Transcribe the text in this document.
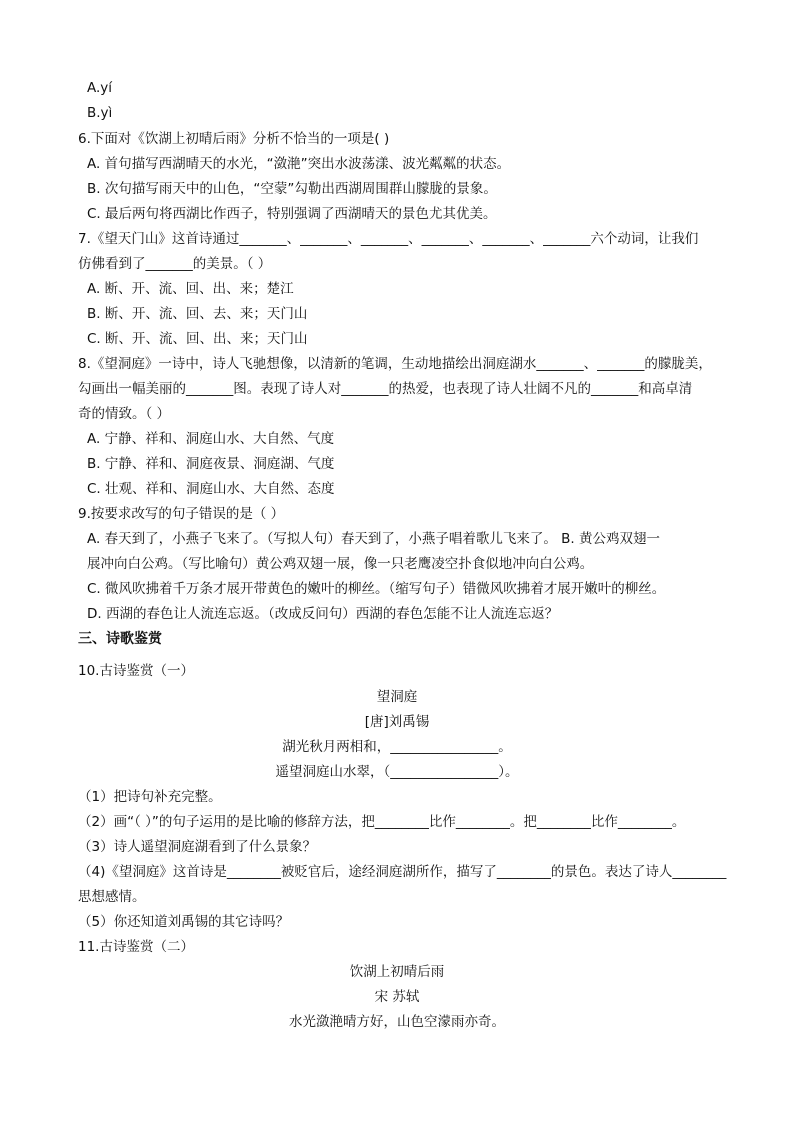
A.yí
B.yì
6.下面对《饮湖上初晴后雨》分析不恰当的一项是( )
A. 首句描写西湖晴天的水光，“潋滟”突出水波荡漾、波光粼粼的状态。
B. 次句描写雨天中的山色，“空蒙”勾勒出西湖周围群山朦胧的景象。
C. 最后两句将西湖比作西子，特别强调了西湖晴天的景色尤其优美。
7.《望天门山》这首诗通过_______、_______、_______、_______、_______、_______六个动词，让我们
仿佛看到了_______的美景。（ ）
A. 断、开、流、回、出、来；楚江
B. 断、开、流、回、去、来；天门山
C. 断、开、流、回、出、来；天门山
8.《望洞庭》一诗中，诗人飞驰想像，以清新的笔调，生动地描绘出洞庭湖水_______、_______的朦胧美，
勾画出一幅美丽的_______图。表现了诗人对_______的热爱，也表现了诗人壮阔不凡的_______和高卓清
奇的情致。（ ）
A. 宁静、祥和、洞庭山水、大自然、气度
B. 宁静、祥和、洞庭夜景、洞庭湖、气度
C. 壮观、祥和、洞庭山水、大自然、态度
9.按要求改写的句子错误的是（ ）
A. 春天到了，小燕子飞来了。（写拟人句）春天到了，小燕子唱着歌儿飞来了。 B. 黄公鸡双翅一
展冲向白公鸡。（写比喻句）黄公鸡双翅一展，像一只老鹰凌空扑食似地冲向白公鸡。
C. 微风吹拂着千万条才展开带黄色的嫩叶的柳丝。（缩写句子）错微风吹拂着才展开嫩叶的柳丝。
D. 西湖的春色让人流连忘返。（改成反问句）西湖的春色怎能不让人流连忘返？
三、诗歌鉴赏
10.古诗鉴赏（一）
望洞庭
[唐]刘禹锡
湖光秋月两相和，________________。
遥望洞庭山水翠，（________________）。
（1）把诗句补充完整。
（2）画“（ ）”的句子运用的是比喻的修辞方法，把________比作________。把________比作________。
（3）诗人遥望洞庭湖看到了什么景象？
（4)《望洞庭》这首诗是________被贬官后，途经洞庭湖所作，描写了________的景色。表达了诗人________
思想感情。
（5）你还知道刘禹锡的其它诗吗？
11.古诗鉴赏（二）
饮湖上初晴后雨
宋 苏轼
水光潋滟晴方好，山色空濛雨亦奇。
